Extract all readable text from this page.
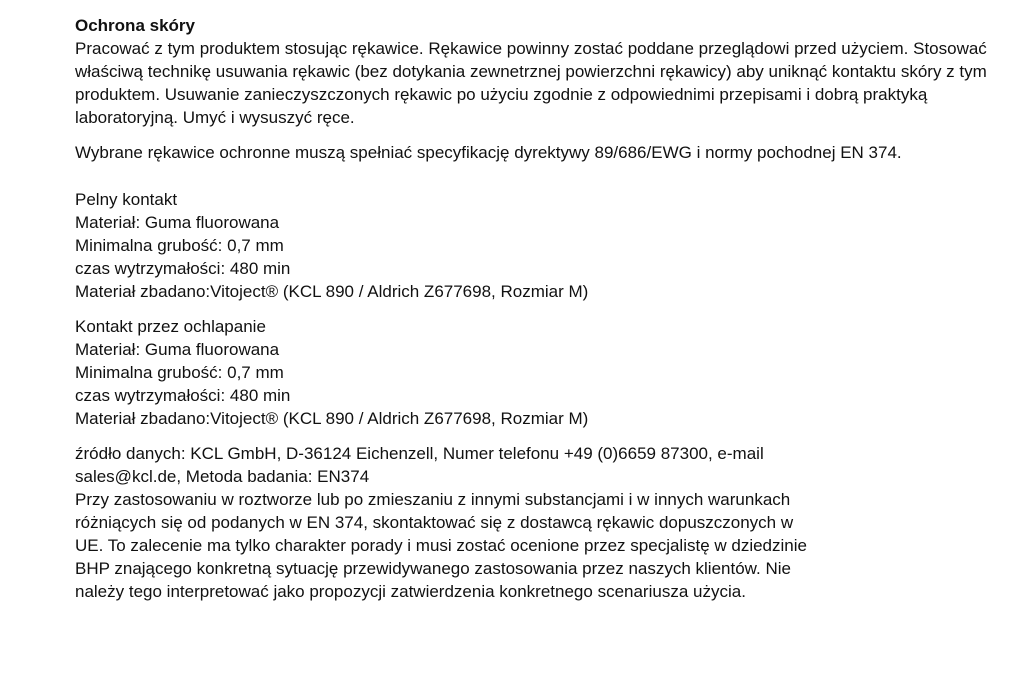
Ochrona skóry
Pracować z tym produktem stosując rękawice. Rękawice powinny zostać poddane przeglądowi przed użyciem. Stosować właściwą technikę usuwania rękawic (bez dotykania zewnetrznej powierzchni rękawicy) aby uniknąć kontaktu skóry z tym produktem. Usuwanie zanieczyszczonych rękawic po użyciu zgodnie z odpowiednimi przepisami i dobrą praktyką laboratoryjną. Umyć i wysuszyć ręce.
Wybrane rękawice ochronne muszą spełniać specyfikację dyrektywy 89/686/EWG i normy pochodnej EN 374.
Pelny kontakt
Materiał: Guma fluorowana
Minimalna grubość: 0,7 mm
czas wytrzymałości: 480 min
Materiał zbadano:Vitoject® (KCL 890 / Aldrich Z677698, Rozmiar M)
Kontakt przez ochlapanie
Materiał: Guma fluorowana
Minimalna grubość: 0,7 mm
czas wytrzymałości: 480 min
Materiał zbadano:Vitoject® (KCL 890 / Aldrich Z677698, Rozmiar M)
źródło danych: KCL GmbH, D-36124 Eichenzell, Numer telefonu +49 (0)6659 87300, e-mail
sales@kcl.de, Metoda badania: EN374
Przy zastosowaniu w roztworze lub po zmieszaniu z innymi substancjami i w innych warunkach
różniących się od podanych w EN 374, skontaktować się z dostawcą rękawic dopuszczonych w
UE. To zalecenie ma tylko charakter porady i musi zostać ocenione przez specjalistę w dziedzinie
BHP znającego konkretną sytuację przewidywanego zastosowania przez naszych klientów. Nie
należy tego interpretować jako propozycji zatwierdzenia konkretnego scenariusza użycia.
